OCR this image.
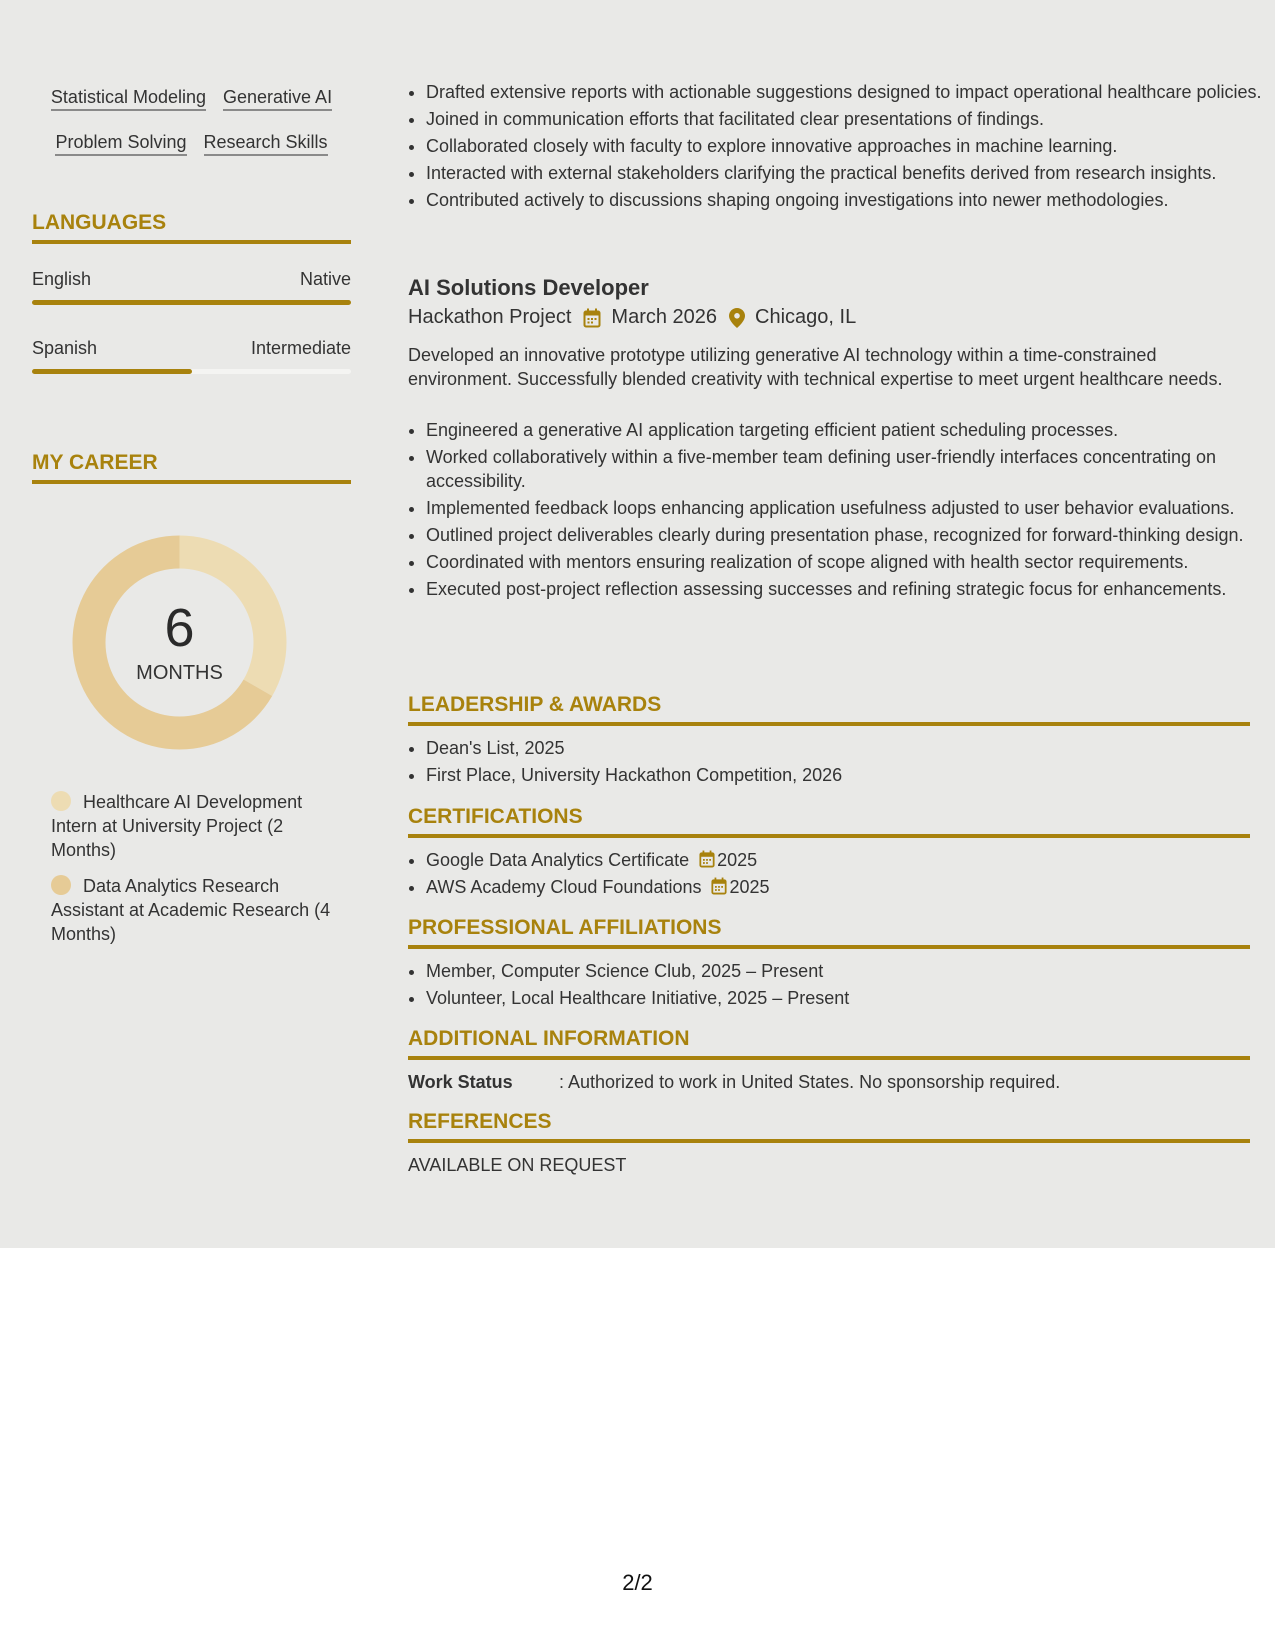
Statistical Modeling Generative AI
Problem Solving Research Skills
LANGUAGES
English	Native
Spanish	Intermediate
MY CAREER
6
MONTHS
Healthcare AI Development Intern at University Project (2 Months)
Data Analytics Research Assistant at Academic Research (4 Months)
• Drafted extensive reports with actionable suggestions designed to impact operational healthcare policies.
• Joined in communication efforts that facilitated clear presentations of findings.
• Collaborated closely with faculty to explore innovative approaches in machine learning.
• Interacted with external stakeholders clarifying the practical benefits derived from research insights.
• Contributed actively to discussions shaping ongoing investigations into newer methodologies.
AI Solutions Developer
Hackathon Project March 2026 Chicago, IL
Developed an innovative prototype utilizing generative AI technology within a time-constrained environment. Successfully blended creativity with technical expertise to meet urgent healthcare needs.
• Engineered a generative AI application targeting efficient patient scheduling processes.
• Worked collaboratively within a five-member team defining user-friendly interfaces concentrating on accessibility.
• Implemented feedback loops enhancing application usefulness adjusted to user behavior evaluations.
• Outlined project deliverables clearly during presentation phase, recognized for forward-thinking design.
• Coordinated with mentors ensuring realization of scope aligned with health sector requirements.
• Executed post-project reflection assessing successes and refining strategic focus for enhancements.
LEADERSHIP & AWARDS
• Dean's List, 2025
• First Place, University Hackathon Competition, 2026
CERTIFICATIONS
• Google Data Analytics Certificate 2025
• AWS Academy Cloud Foundations 2025
PROFESSIONAL AFFILIATIONS
• Member, Computer Science Club, 2025 – Present
• Volunteer, Local Healthcare Initiative, 2025 – Present
ADDITIONAL INFORMATION
Work Status	: Authorized to work in United States. No sponsorship required.
REFERENCES
AVAILABLE ON REQUEST
2/2
